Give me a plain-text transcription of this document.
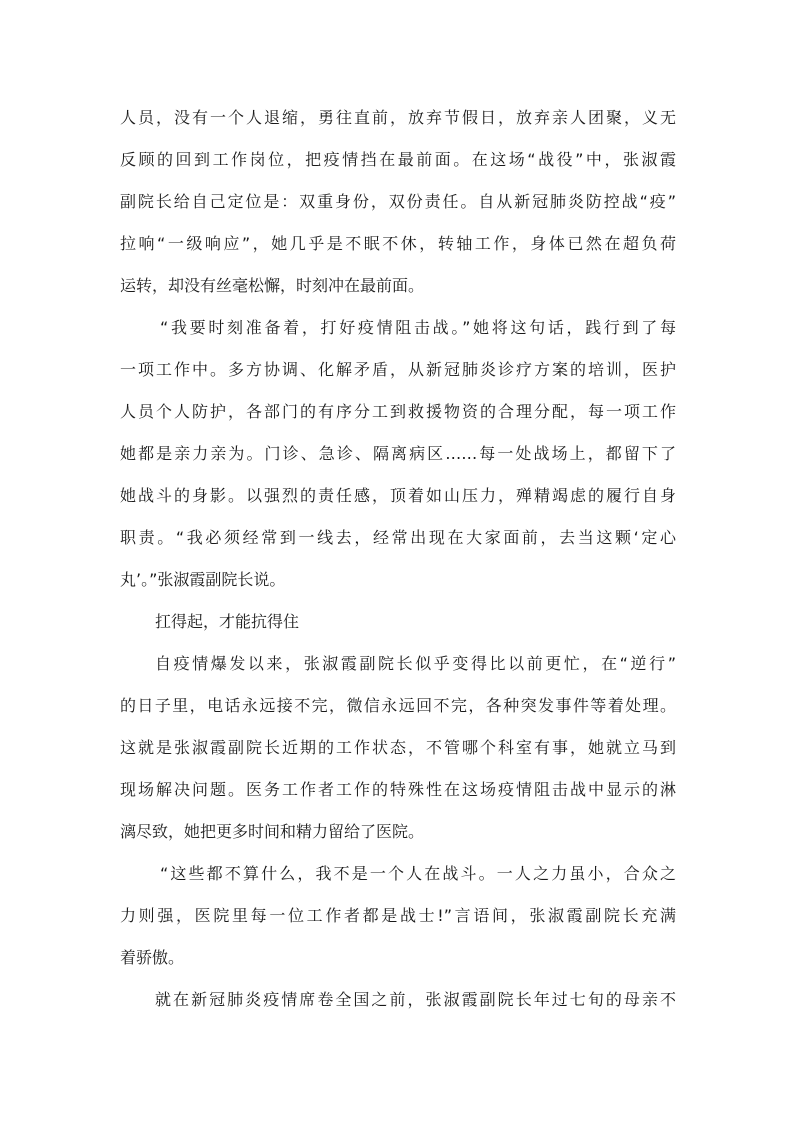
人员，没有一个人退缩，勇往直前，放弃节假日，放弃亲人团聚，义无
反顾的回到工作岗位，把疫情挡在最前面。在这场“战役”中，张淑霞
副院长给自己定位是：双重身份，双份责任。自从新冠肺炎防控战“疫”
拉响“一级响应”，她几乎是不眠不休，转轴工作，身体已然在超负荷
运转，却没有丝毫松懈，时刻冲在最前面。
“我要时刻准备着，打好疫情阻击战。”她将这句话，践行到了每
一项工作中。多方协调、化解矛盾，从新冠肺炎诊疗方案的培训，医护
人员个人防护，各部门的有序分工到救援物资的合理分配，每一项工作
她都是亲力亲为。门诊、急诊、隔离病区……每一处战场上，都留下了
她战斗的身影。以强烈的责任感，顶着如山压力，殚精竭虑的履行自身
职责。“我必须经常到一线去，经常出现在大家面前，去当这颗‘定心
丸’。”张淑霞副院长说。
扛得起，才能抗得住
自疫情爆发以来，张淑霞副院长似乎变得比以前更忙，在“逆行”
的日子里，电话永远接不完，微信永远回不完，各种突发事件等着处理。
这就是张淑霞副院长近期的工作状态，不管哪个科室有事，她就立马到
现场解决问题。医务工作者工作的特殊性在这场疫情阻击战中显示的淋
漓尽致，她把更多时间和精力留给了医院。
“这些都不算什么，我不是一个人在战斗。一人之力虽小，合众之
力则强，医院里每一位工作者都是战士!”言语间，张淑霞副院长充满
着骄傲。
就在新冠肺炎疫情席卷全国之前，张淑霞副院长年过七旬的母亲不
